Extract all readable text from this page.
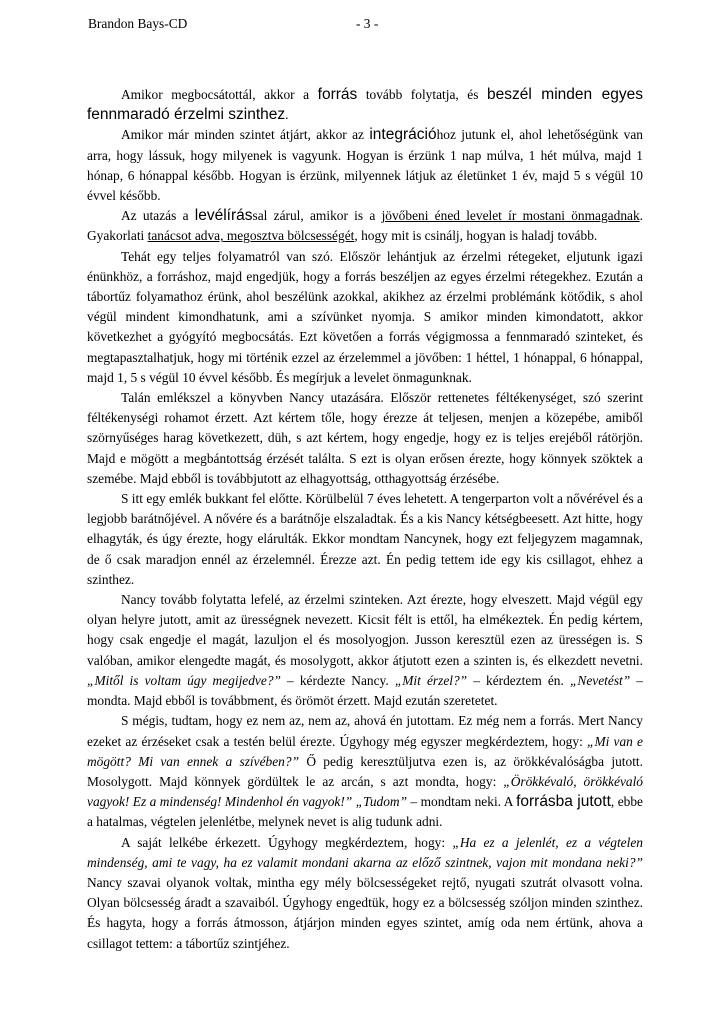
Brandon Bays-CD	- 3 -

Amikor megbocsátottál, akkor a forrás tovább folytatja, és beszél minden egyes fennmaradó érzelmi szinthez.

Amikor már minden szintet átjárt, akkor az integrációhoz jutunk el, ahol lehetőségünk van arra, hogy lássuk, hogy milyenek is vagyunk. Hogyan is érzünk 1 nap múlva, 1 hét múlva, majd 1 hónap, 6 hónappal később. Hogyan is érzünk, milyennek látjuk az életünket 1 év, majd 5 s végül 10 évvel később.

Az utazás a levélírással zárul, amikor is a jövőbeni éned levelet ír mostani önmagadnak. Gyakorlati tanácsot adva, megosztva bölcsességét, hogy mit is csinálj, hogyan is haladj tovább.

Tehát egy teljes folyamatról van szó. Először lehántjuk az érzelmi rétegeket, eljutunk igazi énünkhöz, a forráshoz, majd engedjük, hogy a forrás beszéljen az egyes érzelmi rétegekhez. Ezután a tábortűz folyamathoz érünk, ahol beszélünk azokkal, akikhez az érzelmi problémánk kötődik, s ahol végül mindent kimondhatunk, ami a szívünket nyomja. S amikor minden kimondatott, akkor következhet a gyógyító megbocsátás. Ezt követően a forrás végigmossa a fennmaradó szinteket, és megtapasztalhatjuk, hogy mi történik ezzel az érzelemmel a jövőben: 1 héttel, 1 hónappal, 6 hónappal, majd 1, 5 s végül 10 évvel később. És megírjuk a levelet önmagunknak.

Talán emlékszel a könyvben Nancy utazására. Először rettenetes féltékenységet, szó szerint féltékenységi rohamot érzett. Azt kértem tőle, hogy érezze át teljesen, menjen a közepébe, amiből szörnyűséges harag következett, düh, s azt kértem, hogy engedje, hogy ez is teljes erejéből rátörjön. Majd e mögött a megbántottság érzését találta. S ezt is olyan erősen érezte, hogy könnyek szöktek a szemébe. Majd ebből is továbbjutott az elhagyottság, otthagyottság érzésébe.

S itt egy emlék bukkant fel előtte. Körülbelül 7 éves lehetett. A tengerparton volt a nővérével és a legjobb barátnőjével. A nővére és a barátnője elszaladtak. És a kis Nancy kétségbeesett. Azt hitte, hogy elhagyták, és úgy érezte, hogy elárulták. Ekkor mondtam Nancynek, hogy ezt feljegyzem magamnak, de ő csak maradjon ennél az érzelemnél. Érezze azt. Én pedig tettem ide egy kis csillagot, ehhez a szinthez.

Nancy tovább folytatta lefelé, az érzelmi szinteken. Azt érezte, hogy elveszett. Majd végül egy olyan helyre jutott, amit az ürességnek nevezett. Kicsit félt is ettől, ha elmékeztek. Én pedig kértem, hogy csak engedje el magát, lazuljon el és mosolyogjon. Jusson keresztül ezen az ürességen is. S valóban, amikor elengedte magát, és mosolygott, akkor átjutott ezen a szinten is, és elkezdett nevetni. „Mitől is voltam úgy megijedve?” – kérdezte Nancy. „Mit érzel?” – kérdeztem én. „Nevetést” – mondta. Majd ebből is továbbment, és örömöt érzett. Majd ezután szeretetet.

S mégis, tudtam, hogy ez nem az, nem az, ahová én jutottam. Ez még nem a forrás. Mert Nancy ezeket az érzéseket csak a testén belül érezte. Úgyhogy még egyszer megkérdeztem, hogy: „Mi van e mögött? Mi van ennek a szívében?” Ő pedig keresztüljutva ezen is, az örökkévalóságba jutott. Mosolygott. Majd könnyek gördültek le az arcán, s azt mondta, hogy: „Örökkévaló, örökkévaló vagyok! Ez a mindenség! Mindenhol én vagyok!” „Tudom” – mondtam neki. A forrásba jutott, ebbe a hatalmas, végtelen jelenlétbe, melynek nevet is alig tudunk adni.

A saját lelkébe érkezett. Úgyhogy megkérdeztem, hogy: „Ha ez a jelenlét, ez a végtelen mindenség, ami te vagy, ha ez valamit mondani akarna az előző szintnek, vajon mit mondana neki?” Nancy szavai olyanok voltak, mintha egy mély bölcsességeket rejtő, nyugati szutrát olvasott volna. Olyan bölcsesség áradt a szavaiból. Úgyhogy engedtük, hogy ez a bölcsesség szóljon minden szinthez. És hagyta, hogy a forrás átmosson, átjárjon minden egyes szintet, amíg oda nem értünk, ahova a csillagot tettem: a tábortűz szintjéhez.
